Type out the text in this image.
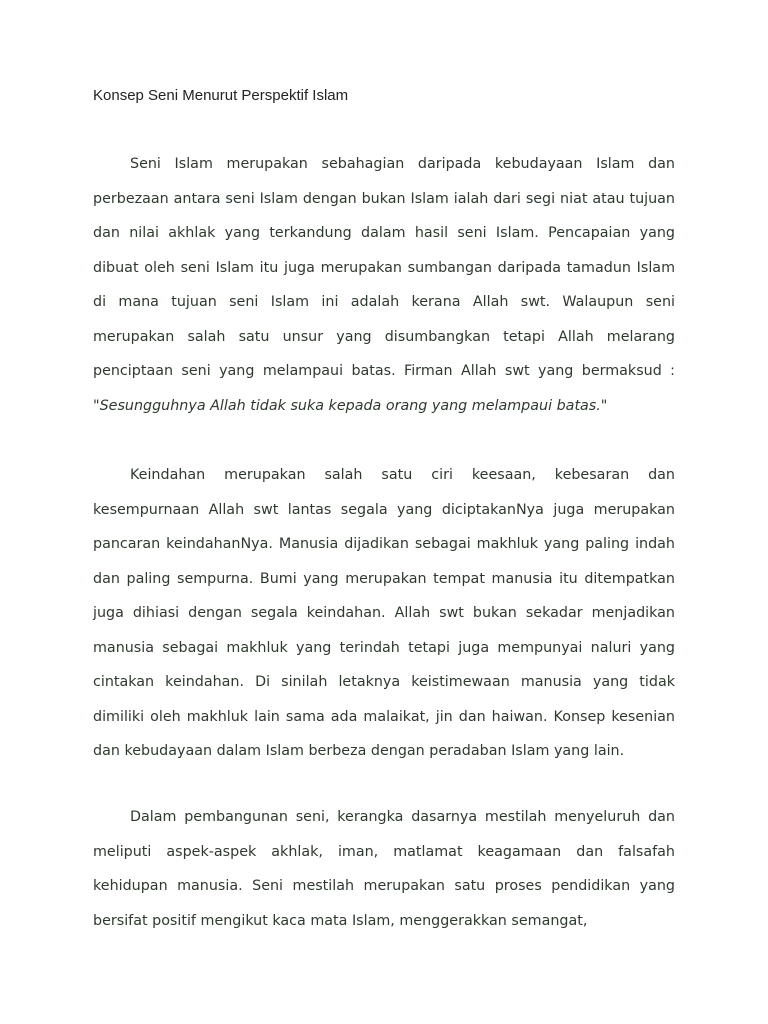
Konsep Seni Menurut Perspektif Islam

Seni Islam merupakan sebahagian daripada kebudayaan Islam dan perbezaan antara seni Islam dengan bukan Islam ialah dari segi niat atau tujuan dan nilai akhlak yang terkandung dalam hasil seni Islam. Pencapaian yang dibuat oleh seni Islam itu juga merupakan sumbangan daripada tamadun Islam di mana tujuan seni Islam ini adalah kerana Allah swt. Walaupun seni merupakan salah satu unsur yang disumbangkan tetapi Allah melarang penciptaan seni yang melampaui batas. Firman Allah swt yang bermaksud : "Sesungguhnya Allah tidak suka kepada orang yang melampaui batas."

Keindahan merupakan salah satu ciri keesaan, kebesaran dan kesempurnaan Allah swt lantas segala yang diciptakanNya juga merupakan pancaran keindahanNya. Manusia dijadikan sebagai makhluk yang paling indah dan paling sempurna. Bumi yang merupakan tempat manusia itu ditempatkan juga dihiasi dengan segala keindahan. Allah swt bukan sekadar menjadikan manusia sebagai makhluk yang terindah tetapi juga mempunyai naluri yang cintakan keindahan. Di sinilah letaknya keistimewaan manusia yang tidak dimiliki oleh makhluk lain sama ada malaikat, jin dan haiwan. Konsep kesenian dan kebudayaan dalam Islam berbeza dengan peradaban Islam yang lain.

Dalam pembangunan seni, kerangka dasarnya mestilah menyeluruh dan meliputi aspek-aspek akhlak, iman, matlamat keagamaan dan falsafah kehidupan manusia. Seni mestilah merupakan satu proses pendidikan yang bersifat positif mengikut kaca mata Islam, menggerakkan semangat,
